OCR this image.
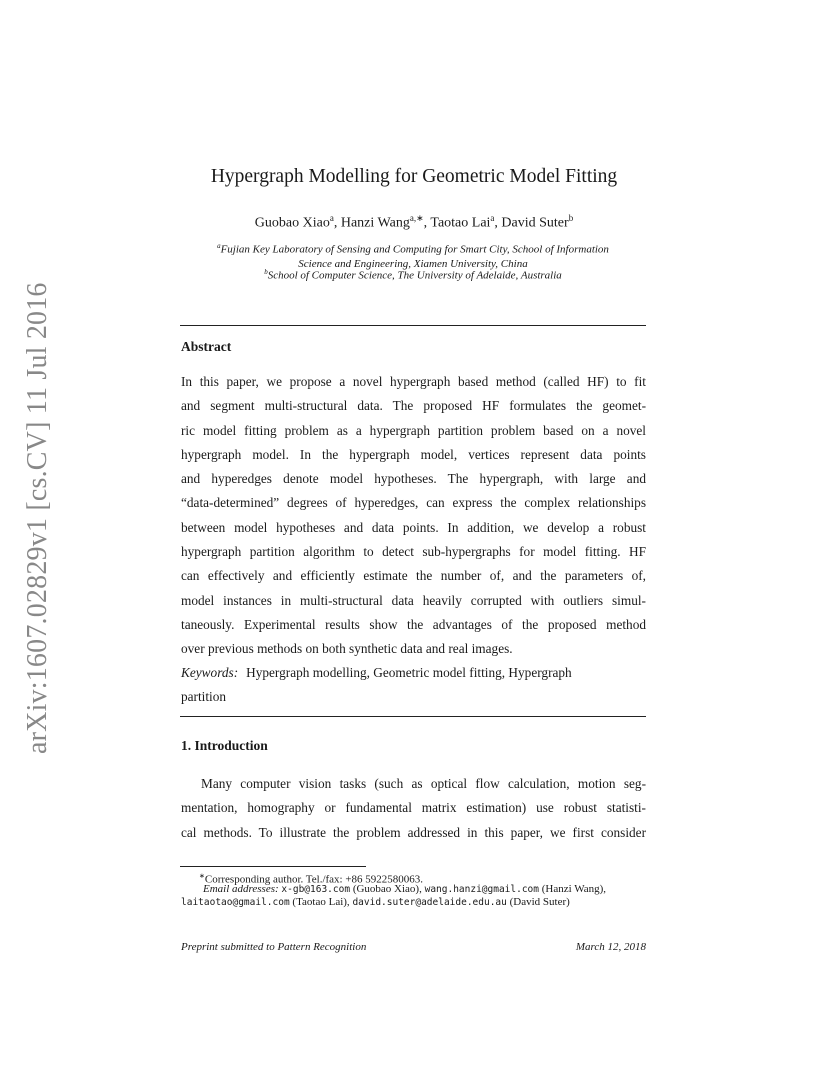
arXiv:1607.02829v1 [cs.CV] 11 Jul 2016
Hypergraph Modelling for Geometric Model Fitting
Guobao Xiao$^a$, Hanzi Wang$^{a,∗}$, Taotao Lai$^a$, David Suter$^b$
$^a$Fujian Key Laboratory of Sensing and Computing for Smart City, School of Information
Science and Engineering, Xiamen University, China
$^b$School of Computer Science, The University of Adelaide, Australia
Abstract
In this paper, we propose a novel hypergraph based method (called HF) to fit
and segment multi-structural data. The proposed HF formulates the geomet-
ric model fitting problem as a hypergraph partition problem based on a novel
hypergraph model. In the hypergraph model, vertices represent data points
and hyperedges denote model hypotheses. The hypergraph, with large and
“data-determined” degrees of hyperedges, can express the complex relationships
between model hypotheses and data points. In addition, we develop a robust
hypergraph partition algorithm to detect sub-hypergraphs for model fitting. HF
can effectively and efficiently estimate the number of, and the parameters of,
model instances in multi-structural data heavily corrupted with outliers simul-
taneously. Experimental results show the advantages of the proposed method
over previous methods on both synthetic data and real images.
Keywords: Hypergraph modelling, Geometric model fitting, Hypergraph
partition
1. Introduction
Many computer vision tasks (such as optical flow calculation, motion seg-
mentation, homography or fundamental matrix estimation) use robust statisti-
cal methods. To illustrate the problem addressed in this paper, we first consider
∗Corresponding author. Tel./fax: +86 5922580063.
Email addresses: x-gb@163.com (Guobao Xiao), wang.hanzi@gmail.com (Hanzi Wang),
laitaotao@gmail.com (Taotao Lai), david.suter@adelaide.edu.au (David Suter)
Preprint submitted to Pattern Recognition	March 12, 2018
